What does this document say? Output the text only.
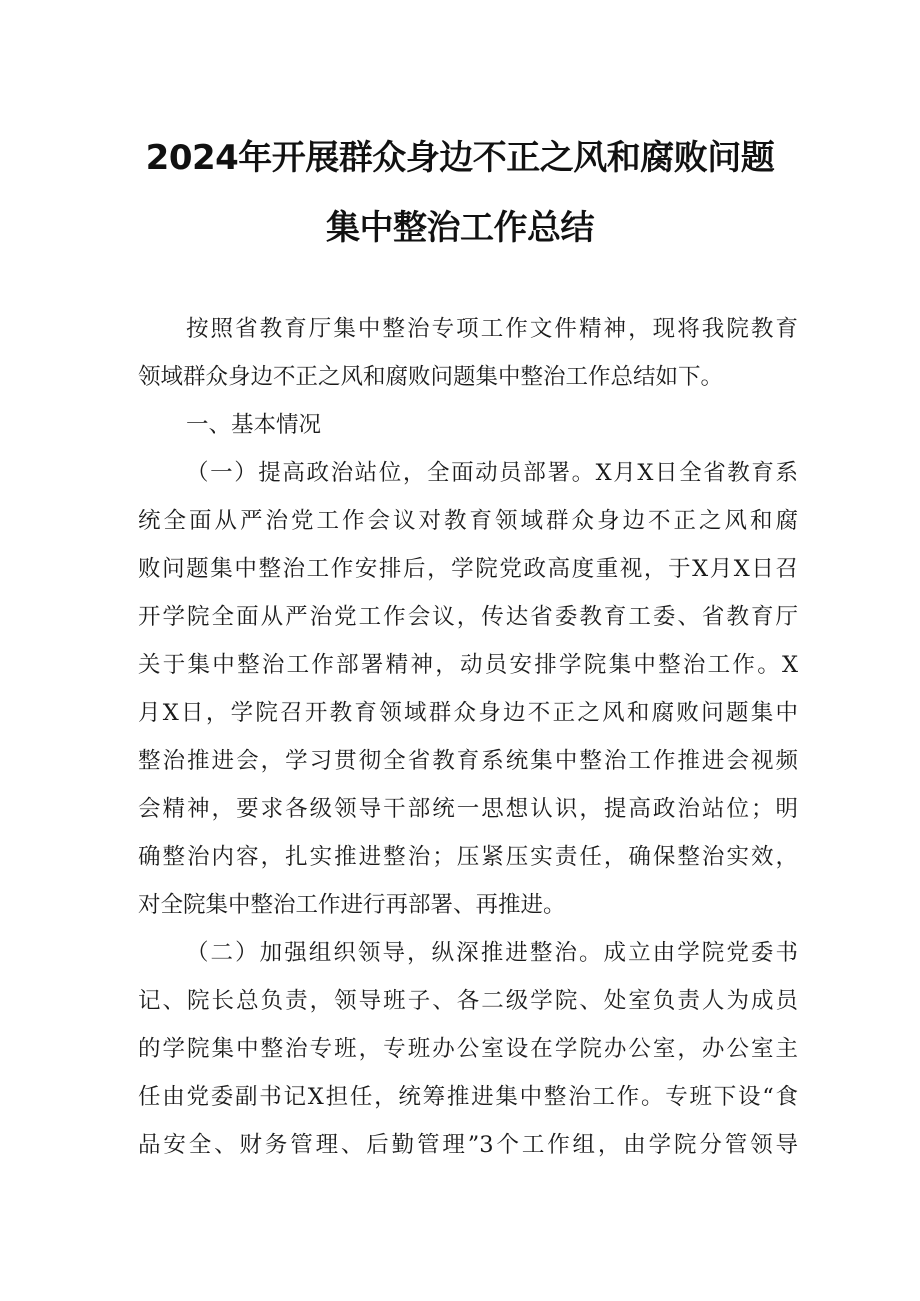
2024年开展群众身边不正之风和腐败问题
集中整治工作总结
按照省教育厅集中整治专项工作文件精神，现将我院教育
领域群众身边不正之风和腐败问题集中整治工作总结如下。
一、基本情况
（一）提高政治站位，全面动员部署。X月X日全省教育系
统全面从严治党工作会议对教育领域群众身边不正之风和腐
败问题集中整治工作安排后，学院党政高度重视，于X月X日召
开学院全面从严治党工作会议，传达省委教育工委、省教育厅
关于集中整治工作部署精神，动员安排学院集中整治工作。X
月X日，学院召开教育领域群众身边不正之风和腐败问题集中
整治推进会，学习贯彻全省教育系统集中整治工作推进会视频
会精神，要求各级领导干部统一思想认识，提高政治站位；明
确整治内容，扎实推进整治；压紧压实责任，确保整治实效，
对全院集中整治工作进行再部署、再推进。
（二）加强组织领导，纵深推进整治。成立由学院党委书
记、院长总负责，领导班子、各二级学院、处室负责人为成员
的学院集中整治专班，专班办公室设在学院办公室，办公室主
任由党委副书记X担任，统筹推进集中整治工作。专班下设“食
品安全、财务管理、后勤管理”3个工作组，由学院分管领导
